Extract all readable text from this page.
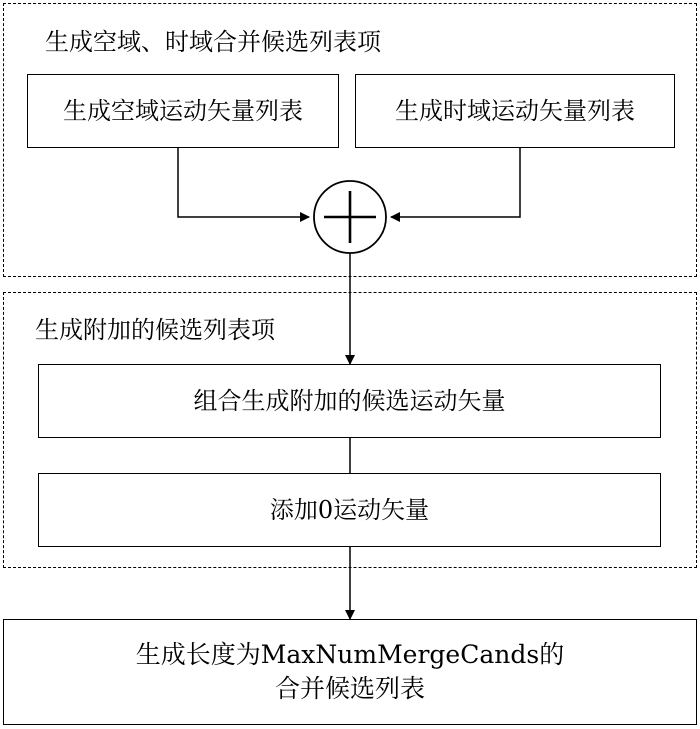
生成空域、时域合并候选列表项
生成空域运动矢量列表	生成时域运动矢量列表
生成附加的候选列表项
组合生成附加的候选运动矢量
添加0运动矢量
生成长度为MaxNumMergeCands的
合并候选列表
